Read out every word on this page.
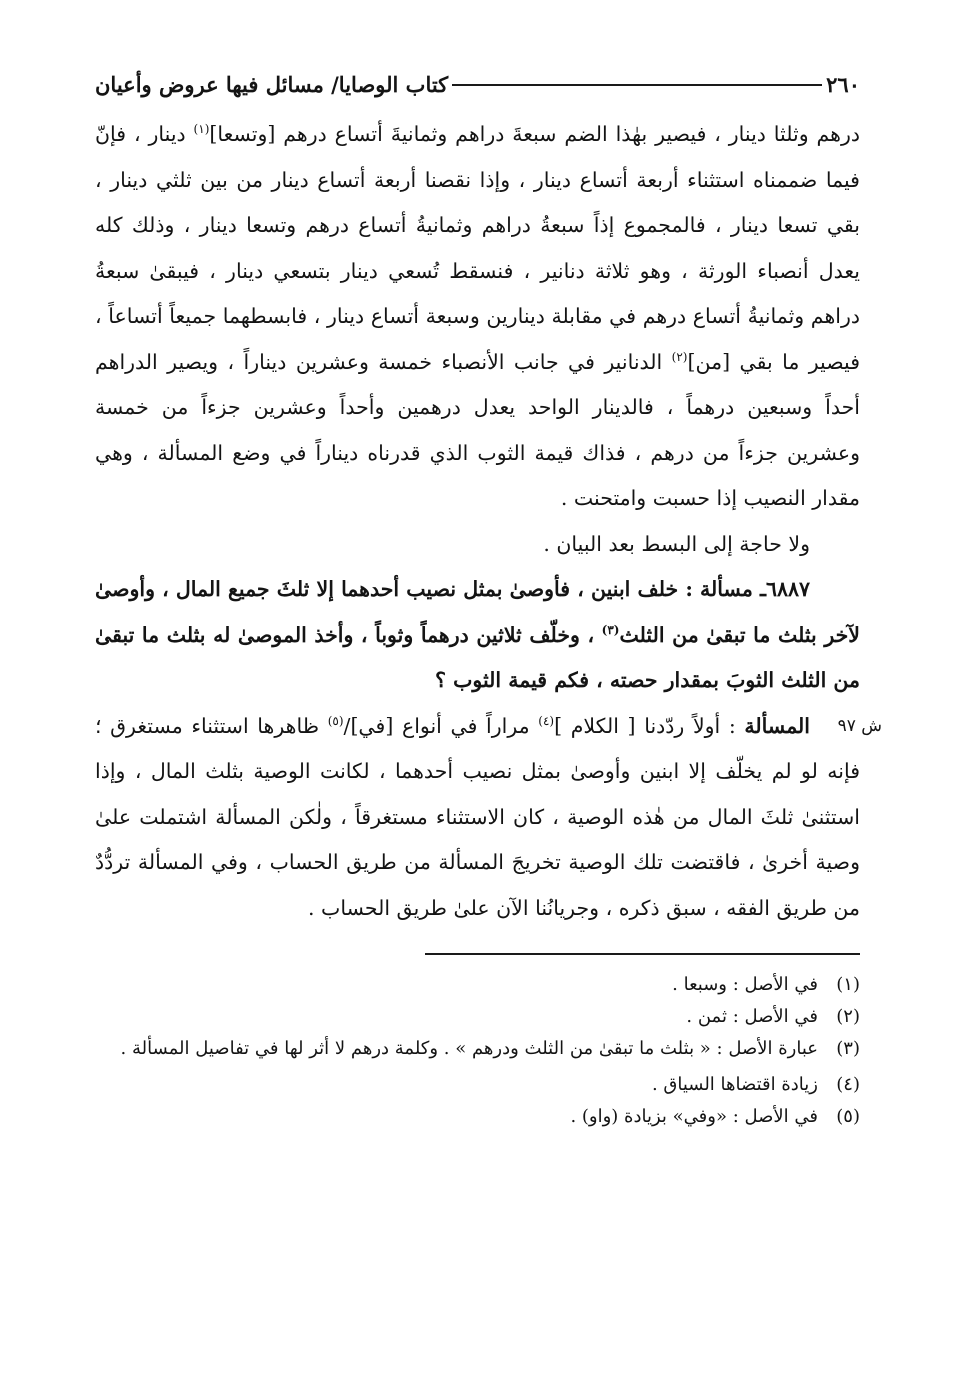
٢٦٠
كتاب الوصايا/ مسائل فيها عروض وأعيان

درهم وثلثا دينار ، فيصير بهٰذا الضم سبعةَ دراهم وثمانيةَ أتساع درهم [وتسعا]$^{(١)}$ دينار ، فإنّ فيما ضممناه استثناء أربعة أتساع دينار ، وإذا نقصنا أربعة أتساع دينار من بين ثلثي دينار ، بقي تسعا دينار ، فالمجموع إذاً سبعةُ دراهم وثمانيةُ أتساع درهم وتسعا دينار ، وذلك كله يعدل أنصباء الورثة ، وهو ثلاثة دنانير ، فنسقط تُسعي دينار بتسعي دينار ، فيبقىٰ سبعةُ دراهم وثمانيةُ أتساع درهم في مقابلة دينارين وسبعة أتساع دينار ، فابسطهما جميعاً أتساعاً ، فيصير ما بقي [من]$^{(٢)}$ الدنانير في جانب الأنصباء خمسة وعشرين ديناراً ، ويصير الدراهم أحداً وسبعين درهماً ، فالدينار الواحد يعدل درهمين وأحداً وعشرين جزءاً من خمسة وعشرين جزءاً من درهم ، فذاك قيمة الثوب الذي قدرناه ديناراً في وضع المسألة ، وهي مقدار النصيب إذا حسبت وامتحنت .

ولا حاجة إلى البسط بعد البيان .

٦٨٨٧ـ مسألة : خلف ابنين ، فأوصىٰ بمثل نصيب أحدهما إلا ثلثَ جميع المال ، وأوصىٰ لآخر بثلث ما تبقىٰ من الثلث$^{(٣)}$ ، وخلّف ثلاثين درهماً وثوباً ، وأخذ الموصىٰ له بثلث ما تبقىٰ من الثلث الثوبَ بمقدار حصته ، فكم قيمة الثوب ؟

ش ٩٧
المسألة : أولاً ردّدنا [ الكلام ]$^{(٤)}$ مراراً في أنواع [في]/$^{(٥)}$ ظاهرها استثناء مستغرق ؛ فإنه لو لم يخلّف إلا ابنين وأوصىٰ بمثل نصيب أحدهما ، لكانت الوصية بثلث المال ، وإذا استثنىٰ ثلثَ المال من هٰذه الوصية ، كان الاستثناء مستغرقاً ، ولٰكن المسألة اشتملت علىٰ وصية أخرىٰ ، فاقتضت تلك الوصية تخريجَ المسألة من طريق الحساب ، وفي المسألة تردُّدٌ من طريق الفقه ، سبق ذكره ، وجريانُنا الآن علىٰ طريق الحساب .

(١)
في الأصل : وسبعا .
(٢)
في الأصل : ثمن .
(٣)
عبارة الأصل : « بثلث ما تبقىٰ من الثلث ودرهم » . وكلمة درهم لا أثر لها في تفاصيل المسألة .
(٤)
زيادة اقتضاها السياق .
(٥)
في الأصل : «وفي» بزيادة (واو) .
